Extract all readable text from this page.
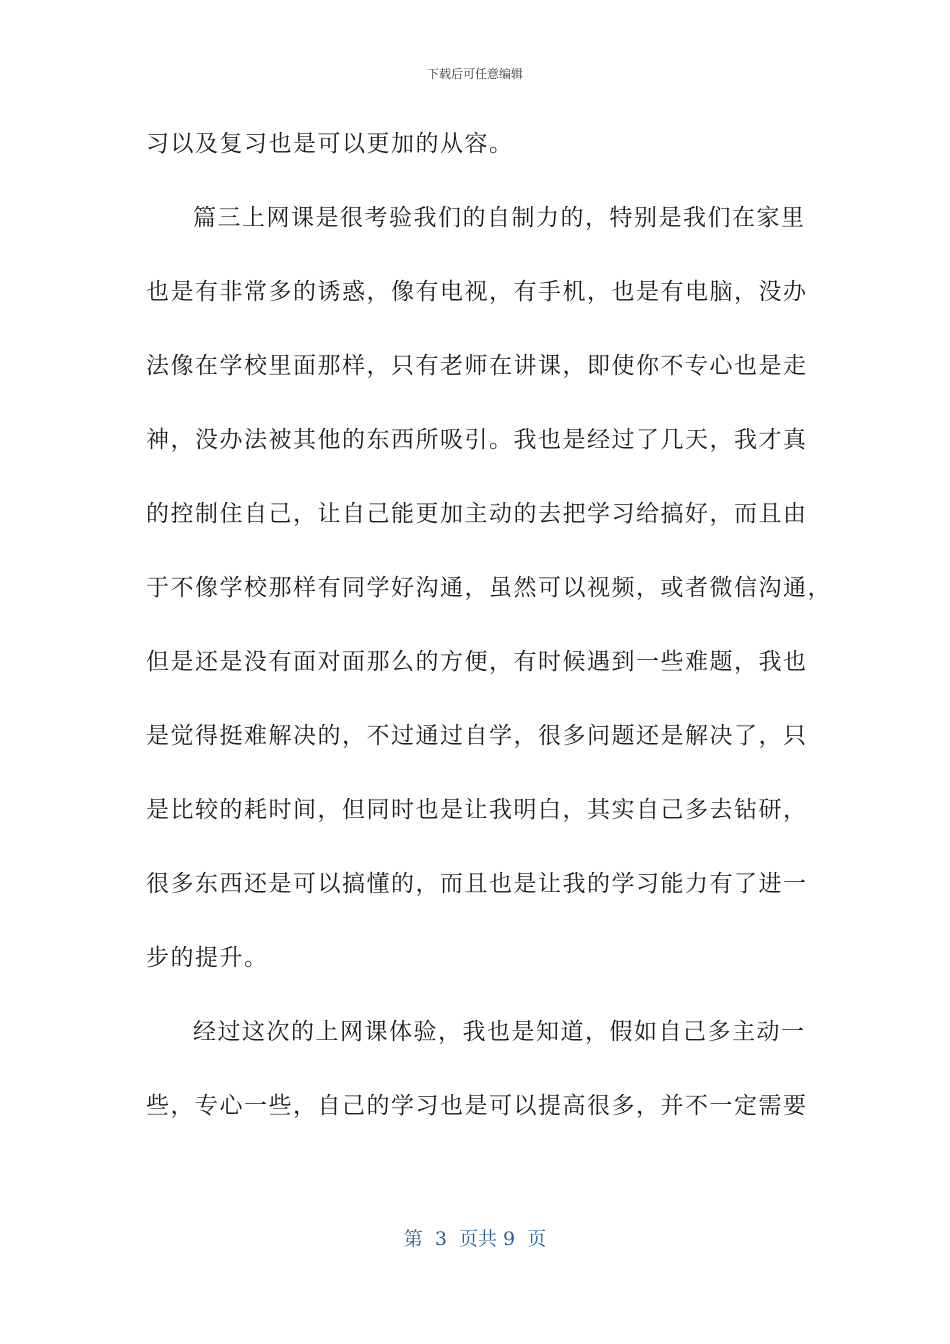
下载后可任意编辑
习以及复习也是可以更加的从容。
篇三上网课是很考验我们的自制力的，特别是我们在家里
也是有非常多的诱惑，像有电视，有手机，也是有电脑，没办
法像在学校里面那样，只有老师在讲课，即使你不专心也是走
神，没办法被其他的东西所吸引。我也是经过了几天，我才真
的控制住自己，让自己能更加主动的去把学习给搞好，而且由
于不像学校那样有同学好沟通，虽然可以视频，或者微信沟通，
但是还是没有面对面那么的方便，有时候遇到一些难题，我也
是觉得挺难解决的，不过通过自学，很多问题还是解决了，只
是比较的耗时间，但同时也是让我明白，其实自己多去钻研，
很多东西还是可以搞懂的，而且也是让我的学习能力有了进一
步的提升。
经过这次的上网课体验，我也是知道，假如自己多主动一
些，专心一些，自己的学习也是可以提高很多，并不一定需要
第  3  页共 9  页
